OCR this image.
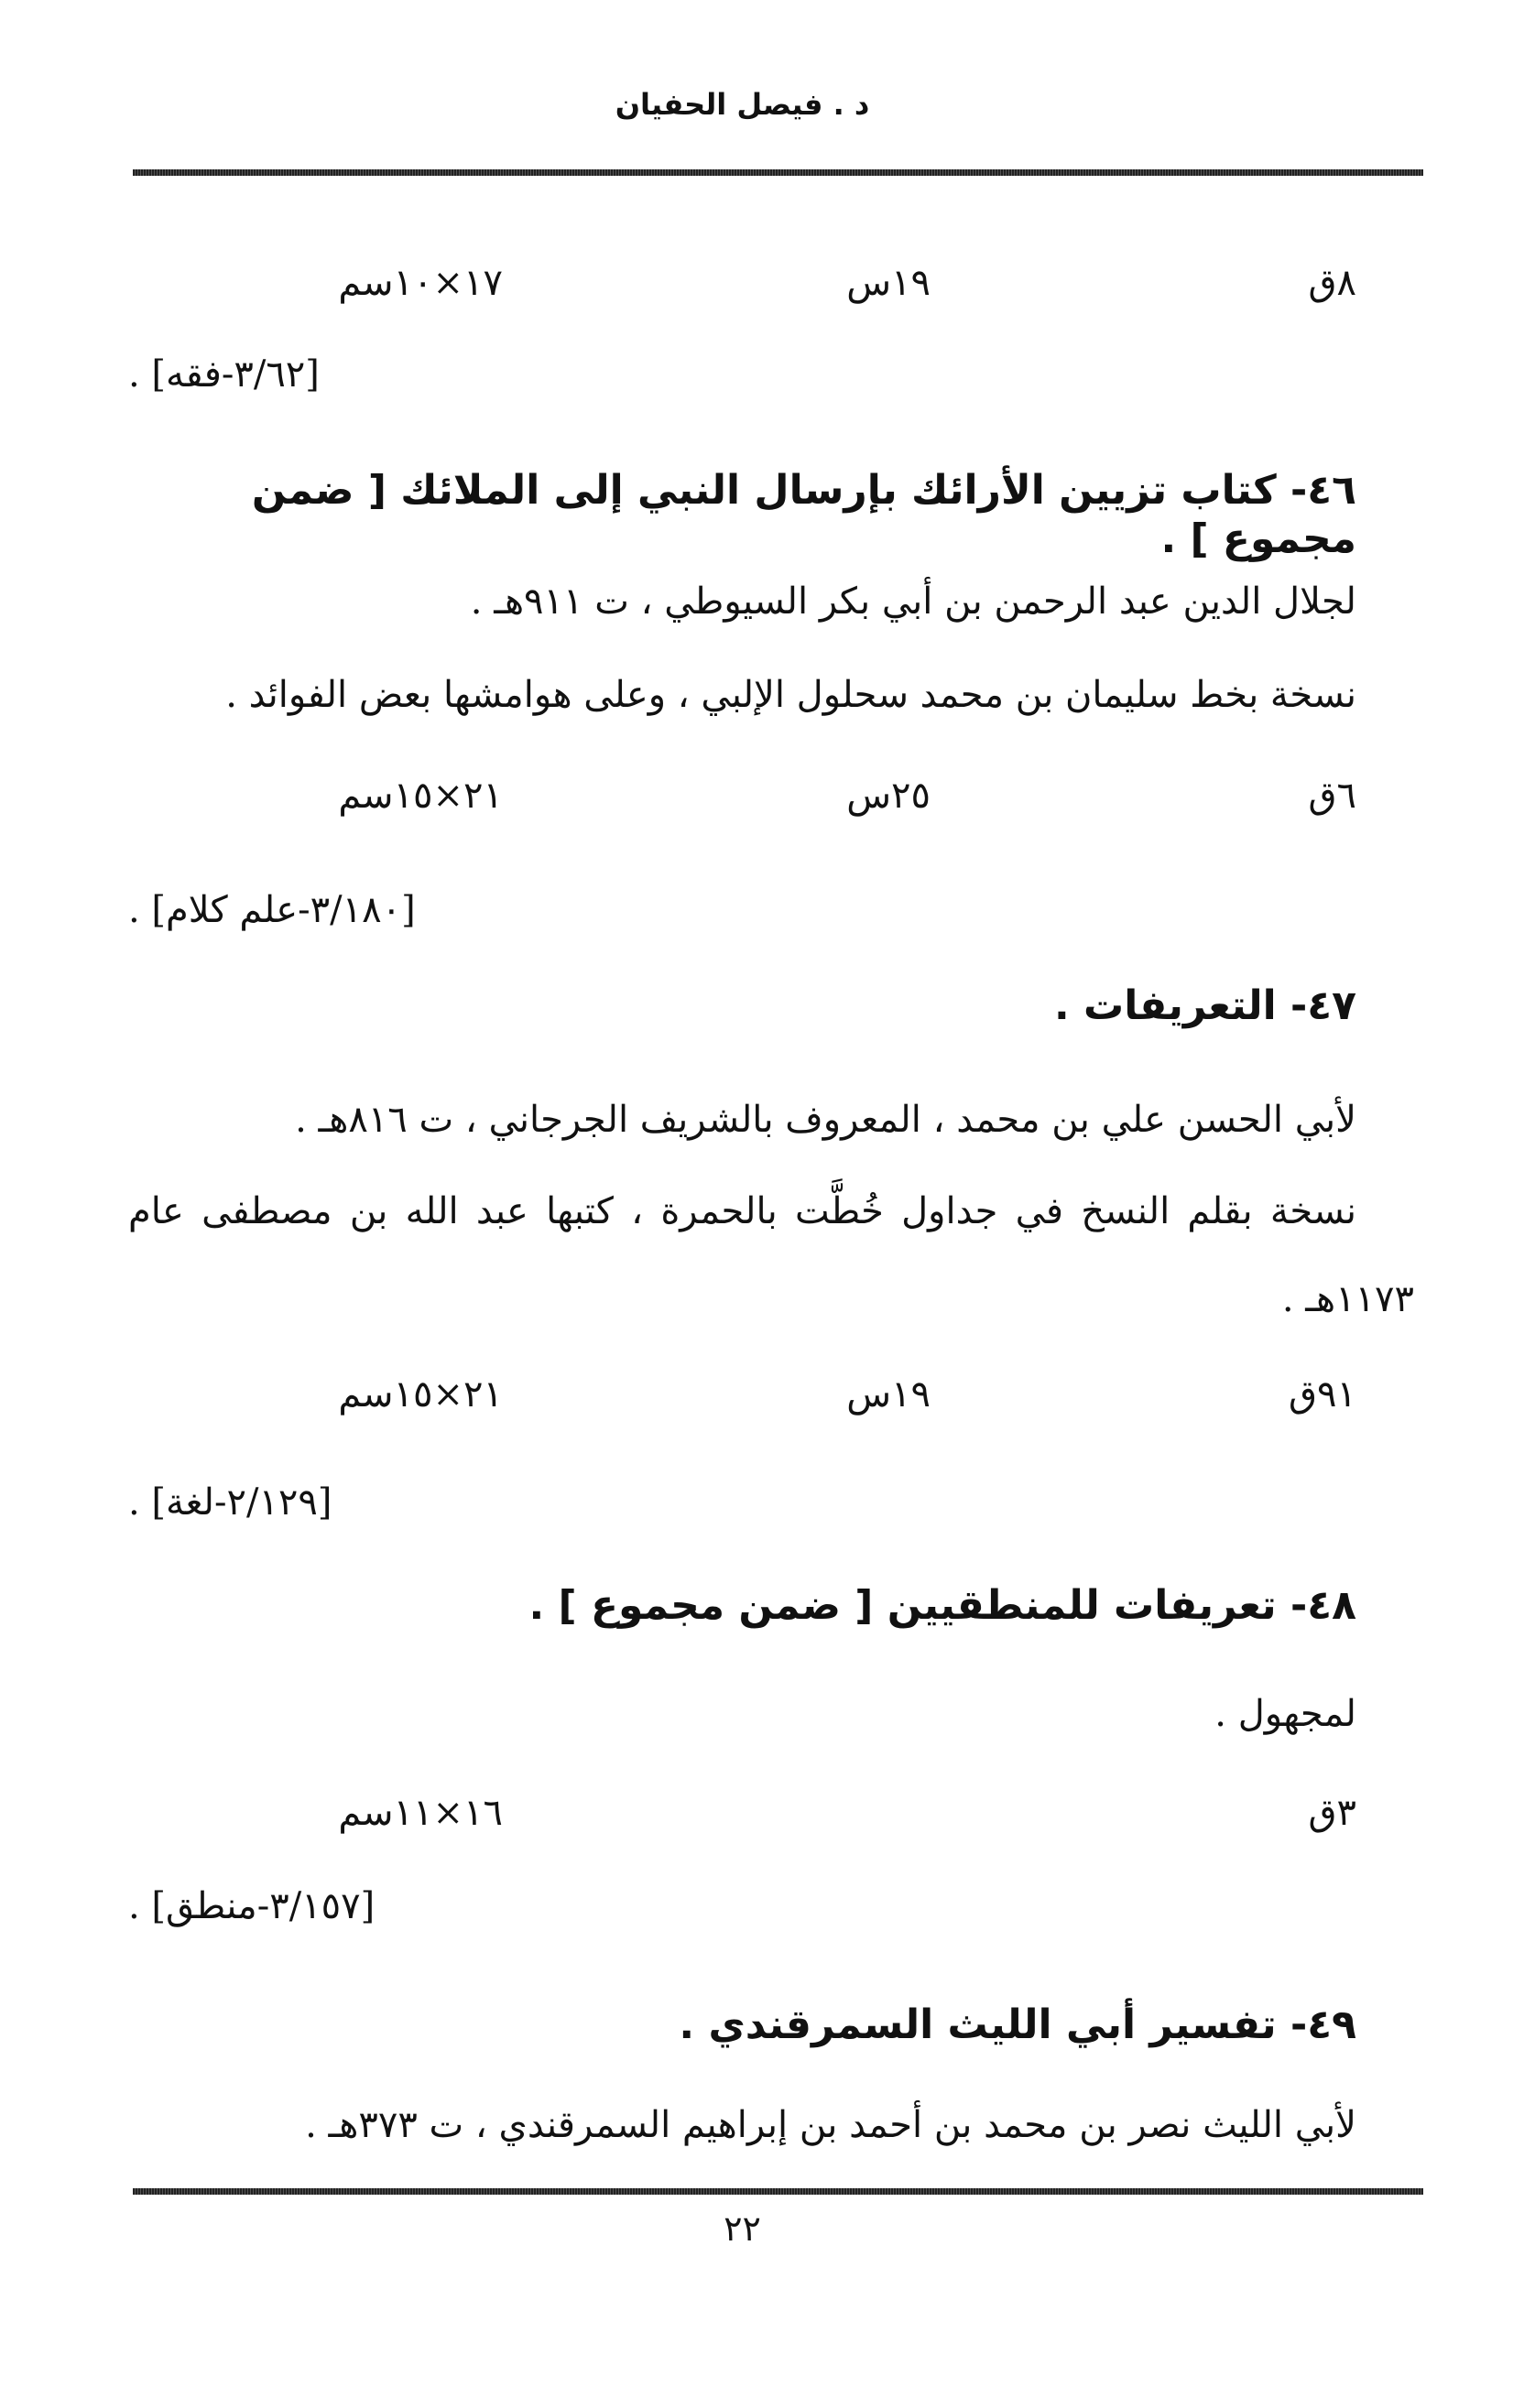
د . فيصل الحفيان
٨ق
١٩س
١٧×١٠سم
[٣/٦٢-فقه] .
٤٦- كتاب تزيين الأرائك بإرسال النبي إلى الملائك [ ضمن مجموع ] .
لجلال الدين عبد الرحمن بن أبي بكر السيوطي ، ت ٩١١هـ .
نسخة بخط سليمان بن محمد سحلول الإلبي ، وعلى هوامشها بعض الفوائد .
٦ق
٢٥س
٢١×١٥سم
[٣/١٨٠-علم كلام] .
٤٧- التعريفات .
لأبي الحسن علي بن محمد ، المعروف بالشريف الجرجاني ، ت ٨١٦هـ .
نسخة بقلم النسخ في جداول خُطَّت بالحمرة ، كتبها عبد الله بن مصطفى عام
١١٧٣هـ .
٩١ق
١٩س
٢١×١٥سم
[٢/١٢٩-لغة] .
٤٨- تعريفات للمنطقيين [ ضمن مجموع ] .
لمجهول .
٣ق
١٦×١١سم
[٣/١٥٧-منطق] .
٤٩- تفسير أبي الليث السمرقندي .
لأبي الليث نصر بن محمد بن أحمد بن إبراهيم السمرقندي ، ت ٣٧٣هـ .
٢٢
